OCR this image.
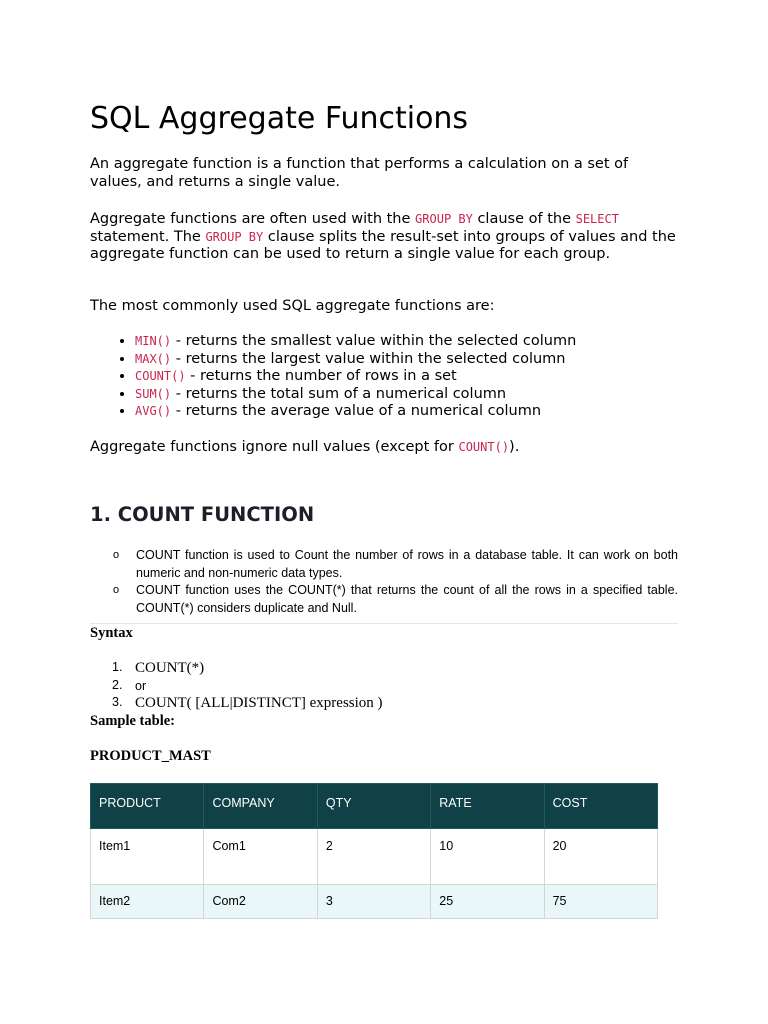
SQL Aggregate Functions

An aggregate function is a function that performs a calculation on a set of values, and returns a single value.

Aggregate functions are often used with the GROUP BY clause of the SELECT statement. The GROUP BY clause splits the result-set into groups of values and the aggregate function can be used to return a single value for each group.

The most commonly used SQL aggregate functions are:

• MIN() - returns the smallest value within the selected column
• MAX() - returns the largest value within the selected column
• COUNT() - returns the number of rows in a set
• SUM() - returns the total sum of a numerical column
• AVG() - returns the average value of a numerical column

Aggregate functions ignore null values (except for COUNT()).

1. COUNT FUNCTION
o COUNT function is used to Count the number of rows in a database table. It can work on both numeric and non-numeric data types.
o COUNT function uses the COUNT(*) that returns the count of all the rows in a specified table. COUNT(*) considers duplicate and Null.

Syntax

1. COUNT(*)
2. or
3. COUNT( [ALL|DISTINCT] expression )

Sample table:

PRODUCT_MAST

PRODUCT	COMPANY	QTY	RATE	COST
Item1	Com1	2	10	20
Item2	Com2	3	25	75
